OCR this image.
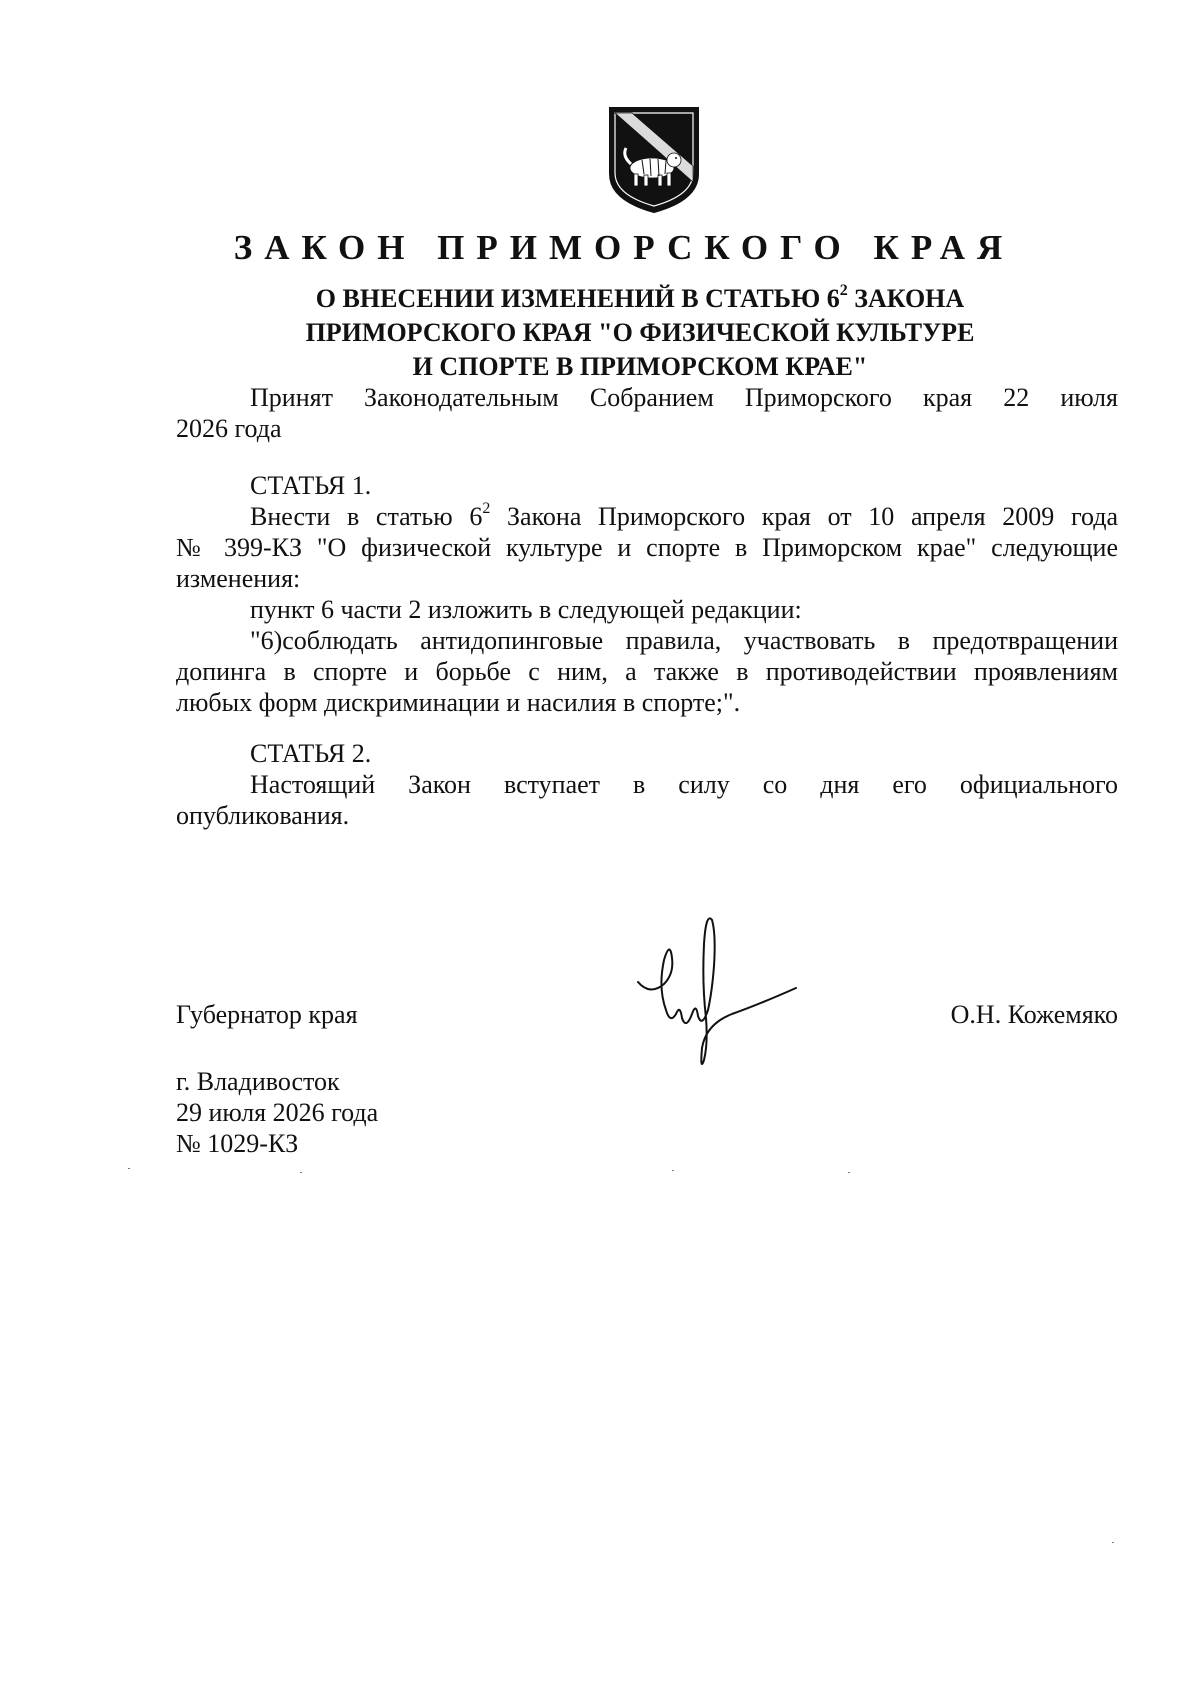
ЗАКОН ПРИМОРСКОГО КРАЯ
О ВНЕСЕНИИ ИЗМЕНЕНИЙ В СТАТЬЮ $6^2$ ЗАКОНА
ПРИМОРСКОГО КРАЯ "О ФИЗИЧЕСКОЙ КУЛЬТУРЕ
И СПОРТЕ В ПРИМОРСКОМ КРАЕ"
Принят Законодательным Собранием Приморского края 22 июля
2026 года
СТАТЬЯ 1.
Внести в статью $6^2$ Закона Приморского края от 10 апреля 2009 года
№ 399-КЗ "О физической культуре и спорте в Приморском крае" следующие
изменения:
пункт 6 части 2 изложить в следующей редакции:
"6)соблюдать антидопинговые правила, участвовать в предотвращении
допинга в спорте и борьбе с ним, а также в противодействии проявлениям
любых форм дискриминации и насилия в спорте;".
СТАТЬЯ 2.
Настоящий Закон вступает в силу со дня его официального
опубликования.
Губернатор края	О.Н. Кожемяко
г. Владивосток
29 июля 2026 года
№ 1029-КЗ
